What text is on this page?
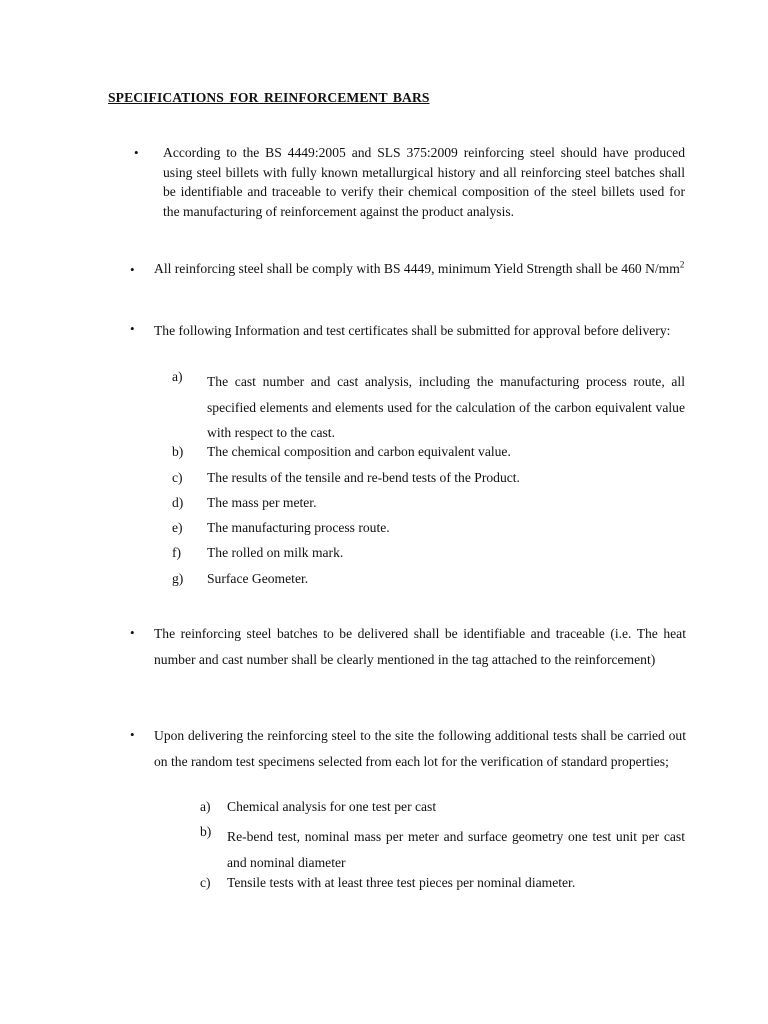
SPECIFICATIONS FOR REINFORCEMENT BARS
• According to the BS 4449:2005 and SLS 375:2009 reinforcing steel should have produced using steel billets with fully known metallurgical history and all reinforcing steel batches shall be identifiable and traceable to verify their chemical composition of the steel billets used for the manufacturing of reinforcement against the product analysis.
• All reinforcing steel shall be comply with BS 4449, minimum Yield Strength shall be 460 $N/mm^2$
• The following Information and test certificates shall be submitted for approval before delivery:
a) The cast number and cast analysis, including the manufacturing process route, all specified elements and elements used for the calculation of the carbon equivalent value with respect to the cast.
b) The chemical composition and carbon equivalent value.
c) The results of the tensile and re-bend tests of the Product.
d) The mass per meter.
e) The manufacturing process route.
f) The rolled on milk mark.
g) Surface Geometer.
• The reinforcing steel batches to be delivered shall be identifiable and traceable (i.e. The heat number and cast number shall be clearly mentioned in the tag attached to the reinforcement)
• Upon delivering the reinforcing steel to the site the following additional tests shall be carried out on the random test specimens selected from each lot for the verification of standard properties;
a) Chemical analysis for one test per cast
b) Re-bend test, nominal mass per meter and surface geometry one test unit per cast and nominal diameter
c) Tensile tests with at least three test pieces per nominal diameter.
